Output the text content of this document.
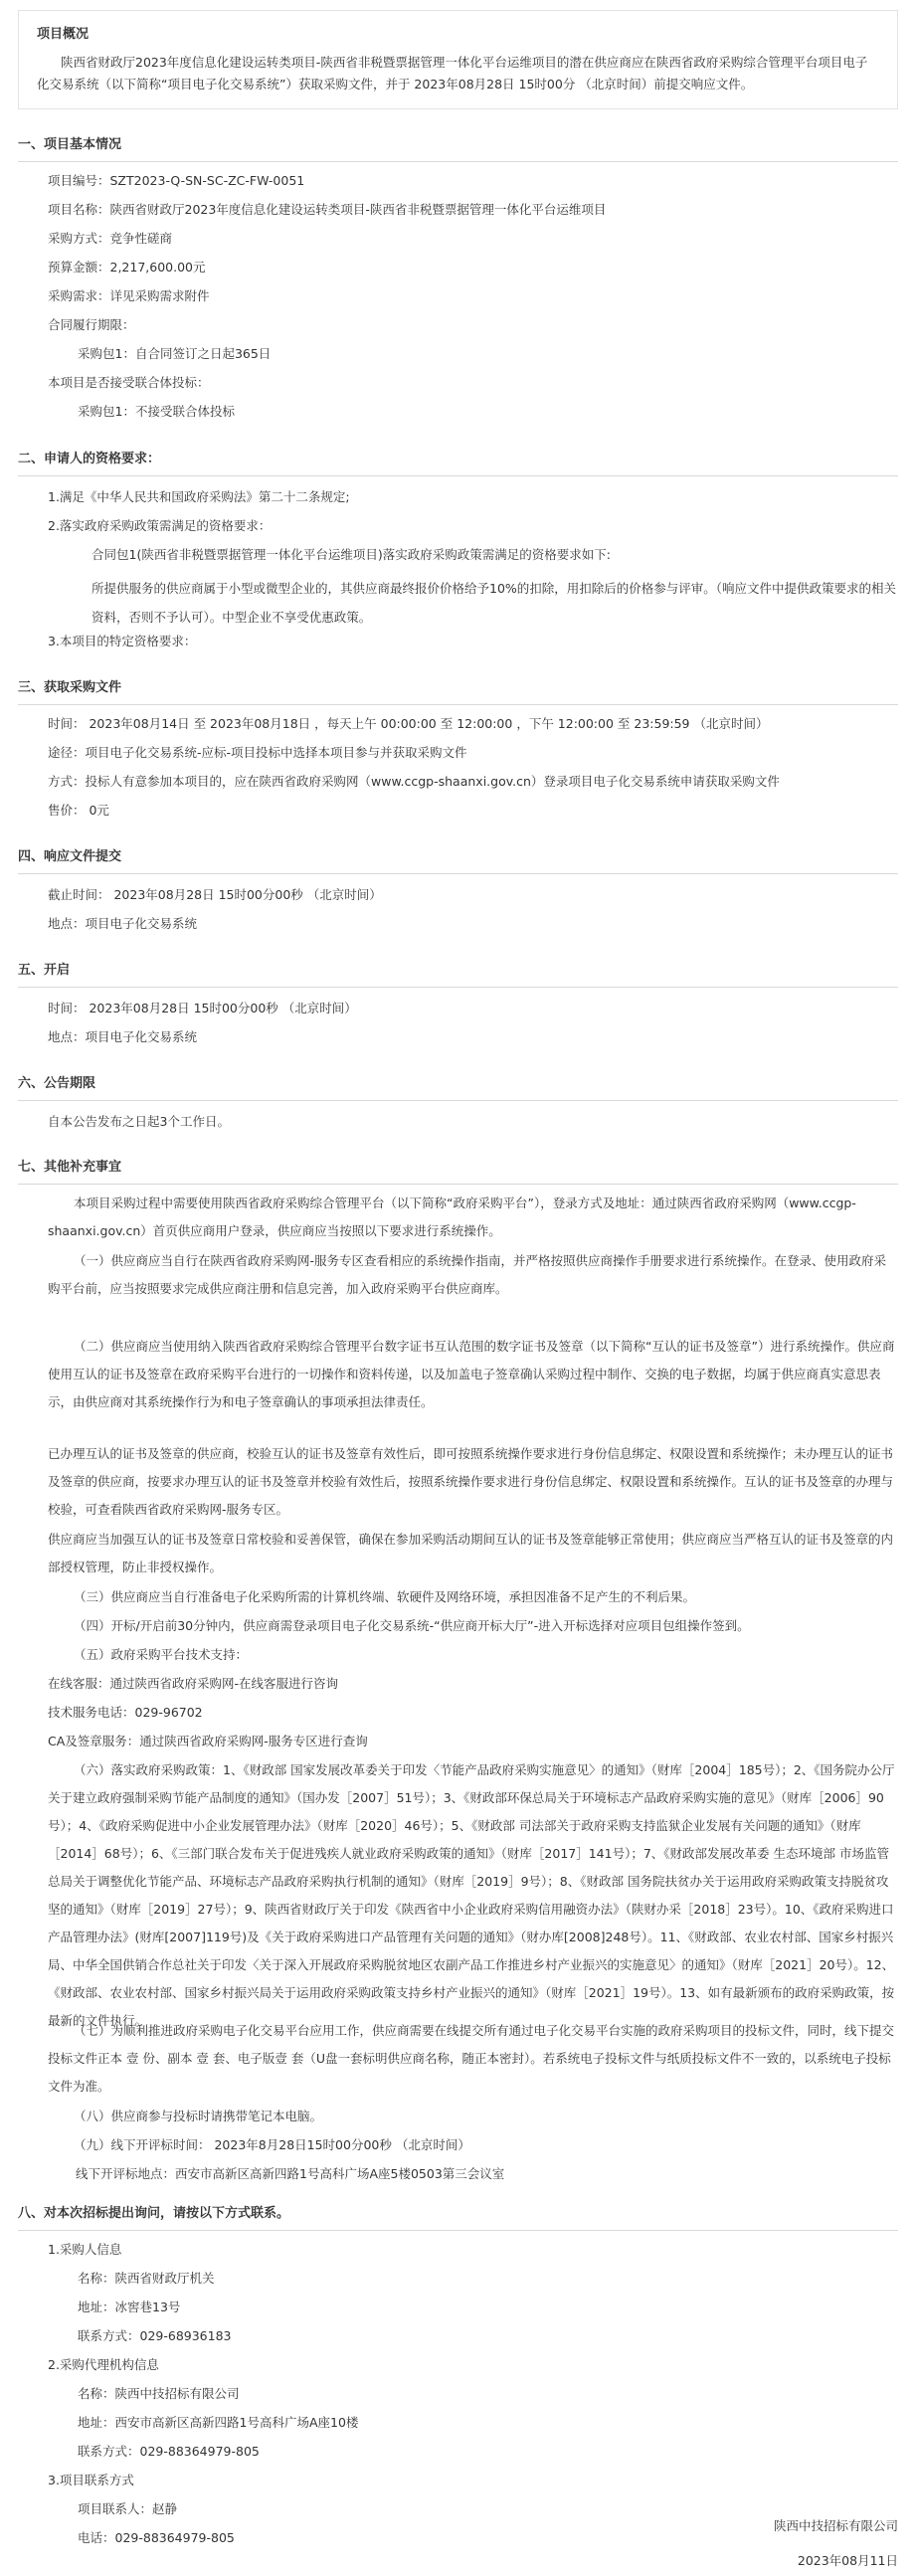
项目概况

陕西省财政厅2023年度信息化建设运转类项目-陕西省非税暨票据管理一体化平台运维项目的潜在供应商应在陕西省政府采购综合管理平台项目电子化交易系统（以下简称“项目电子化交易系统”）获取采购文件，并于 2023年08月28日 15时00分 （北京时间）前提交响应文件。

一、项目基本情况
项目编号：SZT2023-Q-SN-SC-ZC-FW-0051
项目名称：陕西省财政厅2023年度信息化建设运转类项目-陕西省非税暨票据管理一体化平台运维项目
采购方式：竞争性磋商
预算金额：2,217,600.00元
采购需求：详见采购需求附件
合同履行期限：
采购包1：自合同签订之日起365日
本项目是否接受联合体投标：
采购包1：不接受联合体投标
二、申请人的资格要求：
1.满足《中华人民共和国政府采购法》第二十二条规定;
2.落实政府采购政策需满足的资格要求：
合同包1(陕西省非税暨票据管理一体化平台运维项目)落实政府采购政策需满足的资格要求如下:
所提供服务的供应商属于小型或微型企业的，其供应商最终报价价格给予10%的扣除，用扣除后的价格参与评审。（响应文件中提供政策要求的相关资料，否则不予认可）。中型企业不享受优惠政策。
3.本项目的特定资格要求：
三、获取采购文件
时间： 2023年08月14日 至 2023年08月18日 ，每天上午 00:00:00 至 12:00:00 ，下午 12:00:00 至 23:59:59 （北京时间）
途径：项目电子化交易系统-应标-项目投标中选择本项目参与并获取采购文件
方式：投标人有意参加本项目的，应在陕西省政府采购网（www.ccgp-shaanxi.gov.cn）登录项目电子化交易系统申请获取采购文件
售价： 0元
四、响应文件提交
截止时间： 2023年08月28日 15时00分00秒 （北京时间）
地点：项目电子化交易系统
五、开启
时间： 2023年08月28日 15时00分00秒 （北京时间）
地点：项目电子化交易系统
六、公告期限
自本公告发布之日起3个工作日。
七、其他补充事宜
本项目采购过程中需要使用陕西省政府采购综合管理平台（以下简称“政府采购平台”），登录方式及地址：通过陕西省政府采购网（www.ccgp-shaanxi.gov.cn）首页供应商用户登录，供应商应当按照以下要求进行系统操作。
（一）供应商应当自行在陕西省政府采购网-服务专区查看相应的系统操作指南，并严格按照供应商操作手册要求进行系统操作。在登录、使用政府采购平台前，应当按照要求完成供应商注册和信息完善，加入政府采购平台供应商库。
（二）供应商应当使用纳入陕西省政府采购综合管理平台数字证书互认范围的数字证书及签章（以下简称“互认的证书及签章”）进行系统操作。供应商使用互认的证书及签章在政府采购平台进行的一切操作和资料传递，以及加盖电子签章确认采购过程中制作、交换的电子数据，均属于供应商真实意思表示，由供应商对其系统操作行为和电子签章确认的事项承担法律责任。
已办理互认的证书及签章的供应商，校验互认的证书及签章有效性后，即可按照系统操作要求进行身份信息绑定、权限设置和系统操作；未办理互认的证书及签章的供应商，按要求办理互认的证书及签章并校验有效性后，按照系统操作要求进行身份信息绑定、权限设置和系统操作。互认的证书及签章的办理与校验，可查看陕西省政府采购网-服务专区。
供应商应当加强互认的证书及签章日常校验和妥善保管，确保在参加采购活动期间互认的证书及签章能够正常使用；供应商应当严格互认的证书及签章的内部授权管理，防止非授权操作。
（三）供应商应当自行准备电子化采购所需的计算机终端、软硬件及网络环境，承担因准备不足产生的不利后果。
（四）开标/开启前30分钟内，供应商需登录项目电子化交易系统-“供应商开标大厅”-进入开标选择对应项目包组操作签到。
（五）政府采购平台技术支持：
在线客服：通过陕西省政府采购网-在线客服进行咨询
技术服务电话：029-96702
CA及签章服务：通过陕西省政府采购网-服务专区进行查询
（六）落实政府采购政策：1、《财政部 国家发展改革委关于印发〈节能产品政府采购实施意见〉的通知》（财库［2004］185号）；2、《国务院办公厅关于建立政府强制采购节能产品制度的通知》（国办发［2007］51号）；3、《财政部环保总局关于环境标志产品政府采购实施的意见》（财库［2006］90号）；4、《政府采购促进中小企业发展管理办法》（财库［2020］46号）；5、《财政部 司法部关于政府采购支持监狱企业发展有关问题的通知》（财库［2014］68号）；6、《三部门联合发布关于促进残疾人就业政府采购政策的通知》（财库［2017］141号）；7、《财政部发展改革委 生态环境部 市场监管总局关于调整优化节能产品、环境标志产品政府采购执行机制的通知》（财库［2019］9号）；8、《财政部 国务院扶贫办关于运用政府采购政策支持脱贫攻坚的通知》（财库［2019］27号）；9、陕西省财政厅关于印发《陕西省中小企业政府采购信用融资办法》（陕财办采［2018］23号）。10、《政府采购进口产品管理办法》(财库[2007]119号)及《关于政府采购进口产品管理有关问题的通知》（财办库[2008]248号）。11、《财政部、农业农村部、国家乡村振兴局、中华全国供销合作总社关于印发〈关于深入开展政府采购脱贫地区农副产品工作推进乡村产业振兴的实施意见〉的通知》（财库［2021］20号）。12、《财政部、农业农村部、国家乡村振兴局关于运用政府采购政策支持乡村产业振兴的通知》（财库［2021］19号）。13、如有最新颁布的政府采购政策，按最新的文件执行。
（七）为顺利推进政府采购电子化交易平台应用工作，供应商需要在线提交所有通过电子化交易平台实施的政府采购项目的投标文件，同时，线下提交投标文件正本 壹 份、副本 壹 套、电子版壹 套（U盘一套标明供应商名称，随正本密封）。若系统电子投标文件与纸质投标文件不一致的，以系统电子投标文件为准。
（八）供应商参与投标时请携带笔记本电脑。
（九）线下开评标时间： 2023年8月28日15时00分00秒 （北京时间）
线下开评标地点：西安市高新区高新四路1号高科广场A座5楼0503第三会议室
八、对本次招标提出询问，请按以下方式联系。
1.采购人信息
名称：陕西省财政厅机关
地址：冰窖巷13号
联系方式：029-68936183
2.采购代理机构信息
名称：陕西中技招标有限公司
地址：西安市高新区高新四路1号高科广场A座10楼
联系方式：029-88364979-805
3.项目联系方式
项目联系人：赵静
电话：029-88364979-805
陕西中技招标有限公司
2023年08月11日
